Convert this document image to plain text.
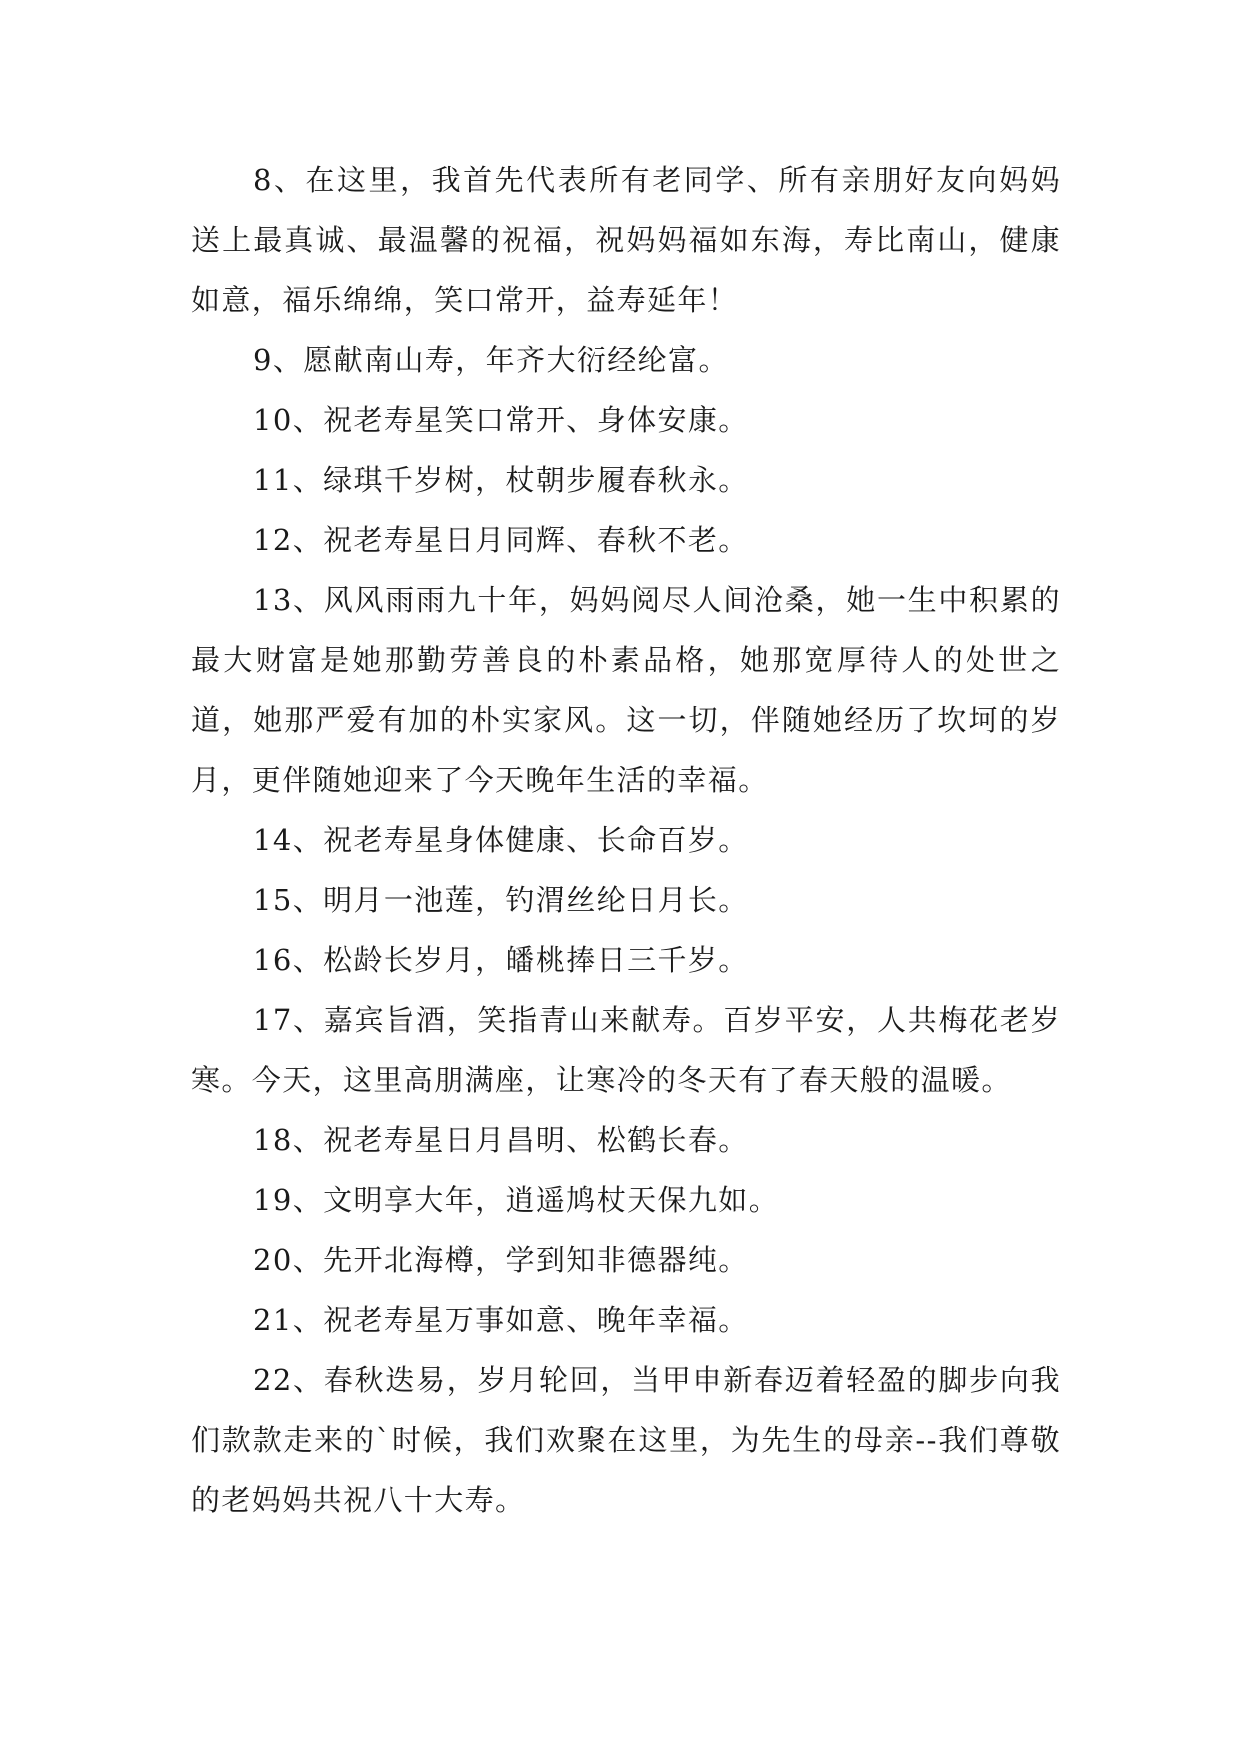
8、在这里，我首先代表所有老同学、所有亲朋好友向妈妈送上最真诚、最温馨的祝福，祝妈妈福如东海，寿比南山，健康如意，福乐绵绵，笑口常开，益寿延年！

9、愿献南山寿，年齐大衍经纶富。

10、祝老寿星笑口常开、身体安康。

11、绿琪千岁树，杖朝步履春秋永。

12、祝老寿星日月同辉、春秋不老。

13、风风雨雨九十年，妈妈阅尽人间沧桑，她一生中积累的最大财富是她那勤劳善良的朴素品格，她那宽厚待人的处世之道，她那严爱有加的朴实家风。这一切，伴随她经历了坎坷的岁月，更伴随她迎来了今天晚年生活的幸福。

14、祝老寿星身体健康、长命百岁。

15、明月一池莲，钓渭丝纶日月长。

16、松龄长岁月，皤桃捧日三千岁。

17、嘉宾旨酒，笑指青山来献寿。百岁平安，人共梅花老岁寒。今天，这里高朋满座，让寒冷的冬天有了春天般的温暖。

18、祝老寿星日月昌明、松鹤长春。

19、文明享大年，逍遥鸠杖天保九如。

20、先开北海樽，学到知非德器纯。

21、祝老寿星万事如意、晚年幸福。

22、春秋迭易，岁月轮回，当甲申新春迈着轻盈的脚步向我们款款走来的`时候，我们欢聚在这里，为先生的母亲--我们尊敬的老妈妈共祝八十大寿。
